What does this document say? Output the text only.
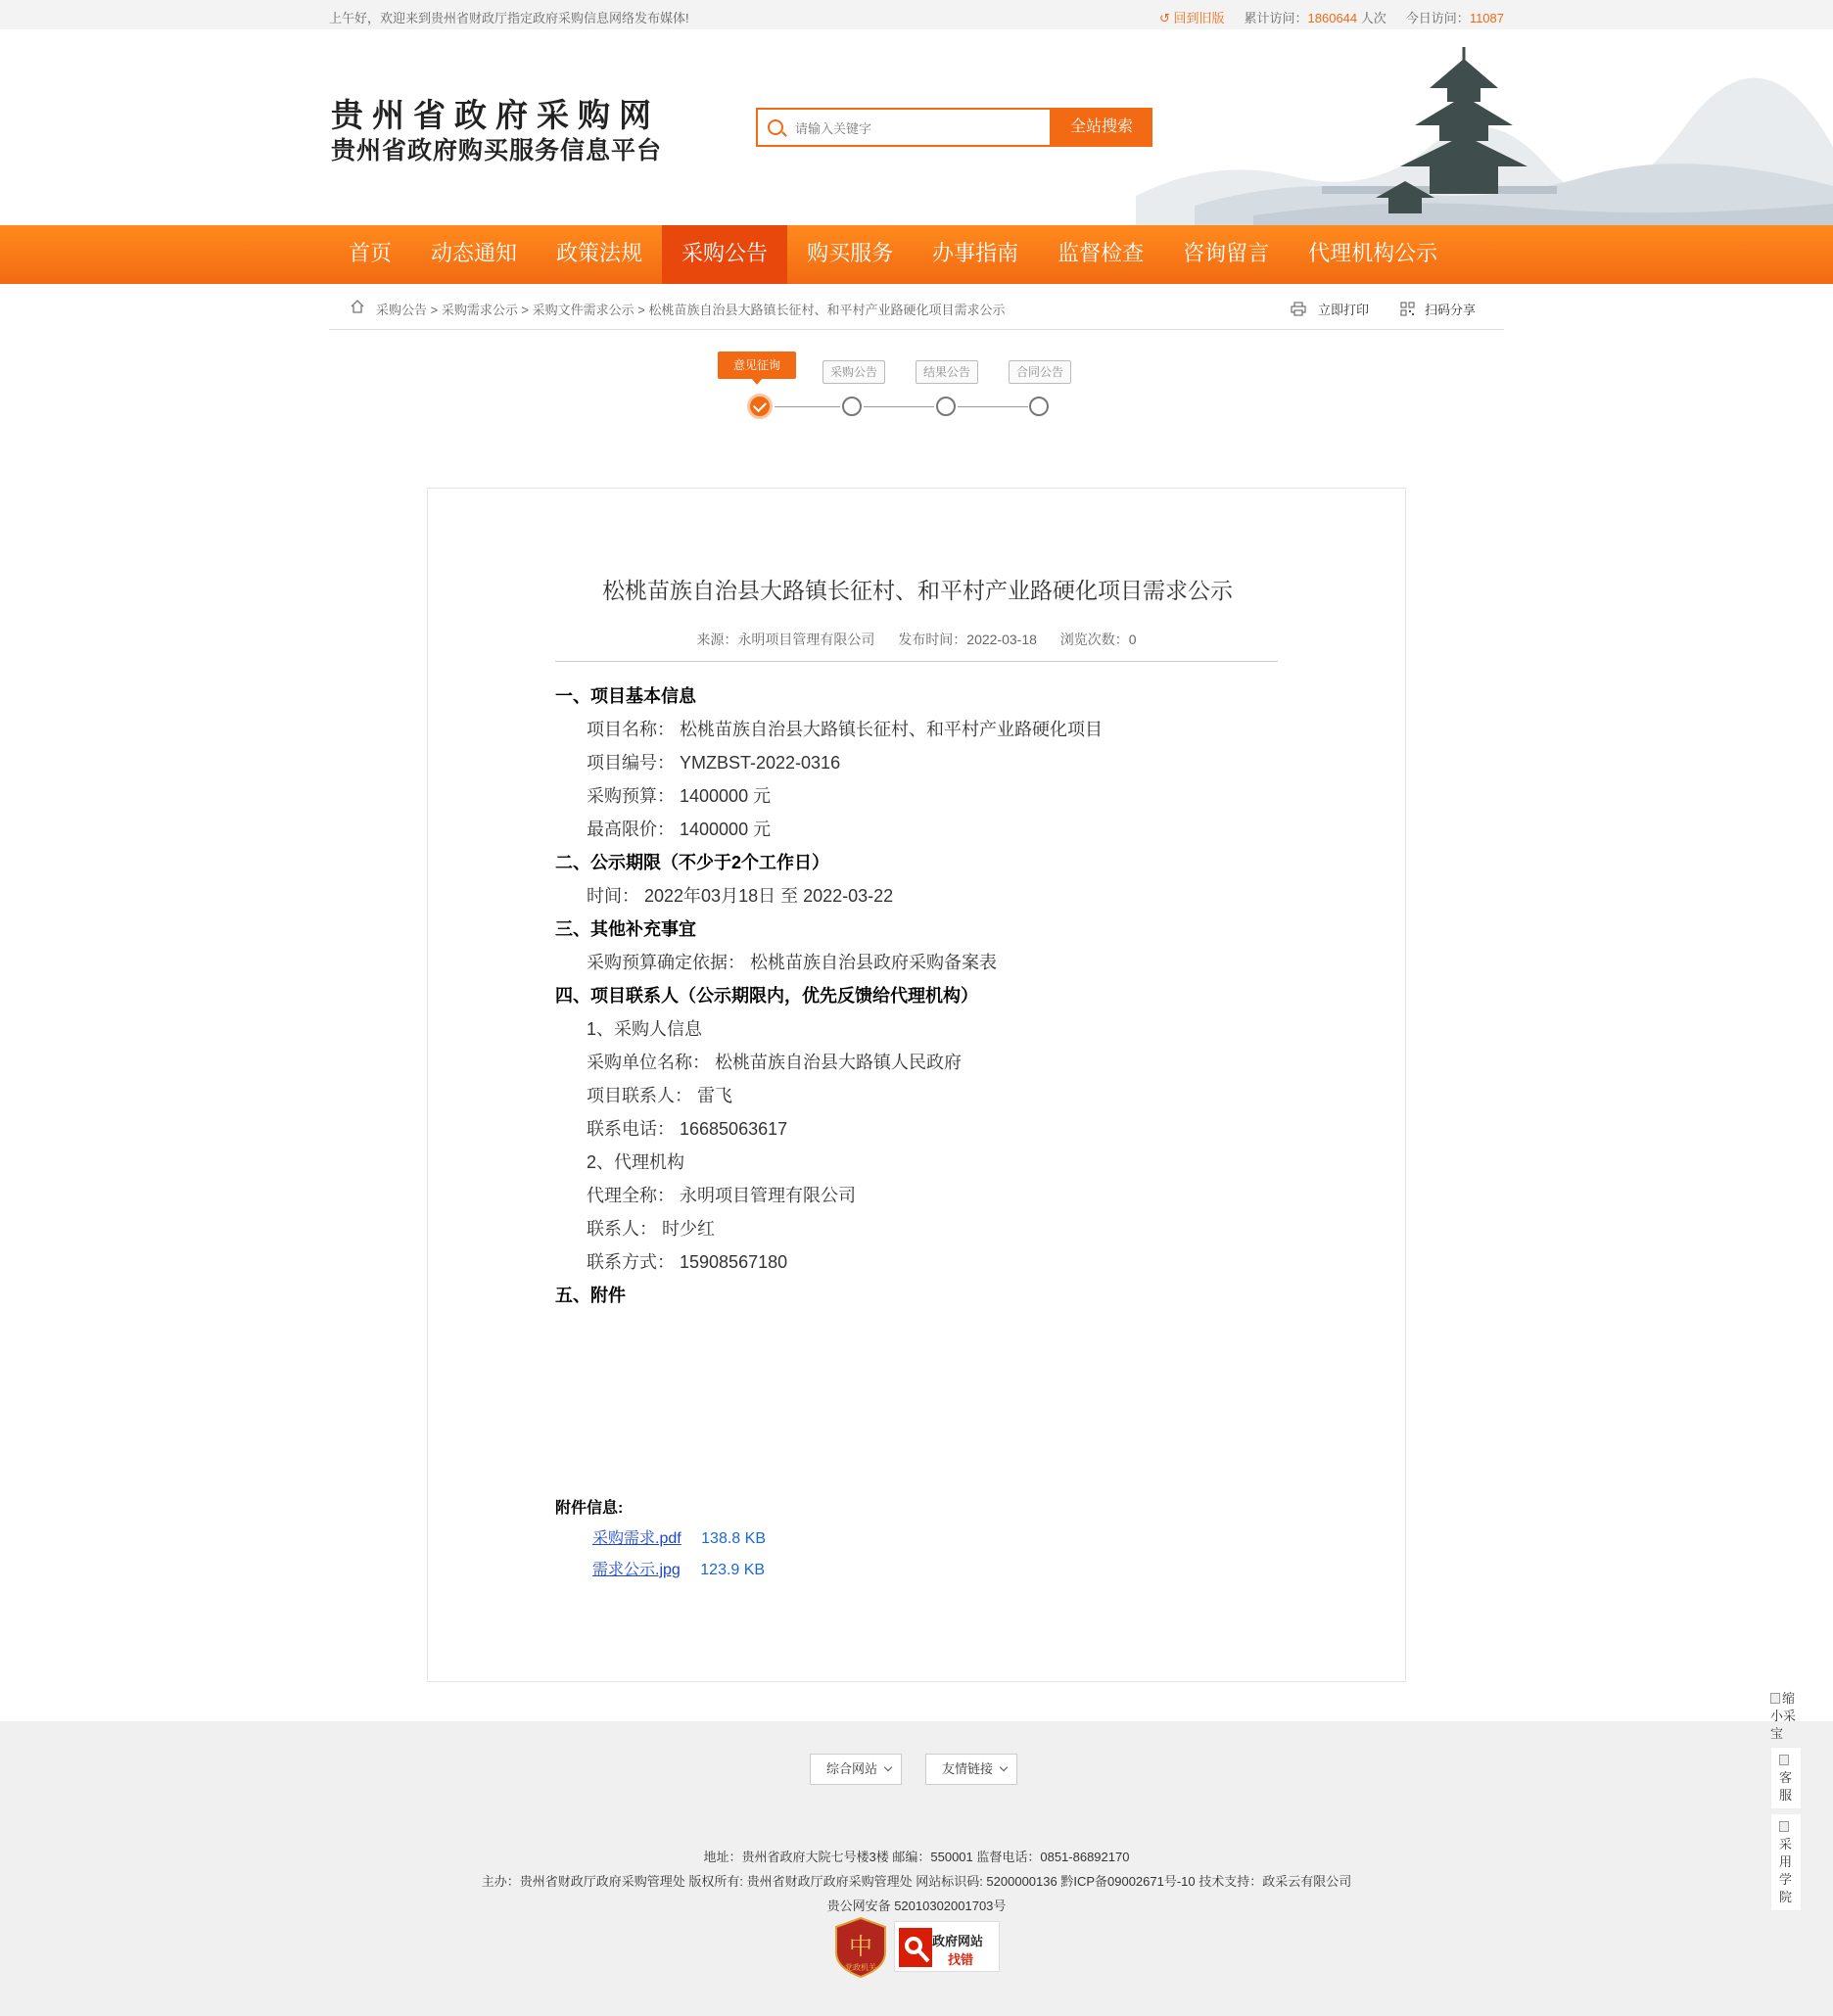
上午好，欢迎来到贵州省财政厅指定政府采购信息网络发布媒体!	↺ 回到旧版 累计访问：1860644 人次 今日访问：11087
贵州省政府采购网
贵州省政府购买服务信息平台
请输入关键字
全站搜索
首页	动态通知	政策法规	采购公告	购买服务	办事指南	监督检查	咨询留言	代理机构公示
采购公告 > 采购需求公示 > 采购文件需求公示 > 松桃苗族自治县大路镇长征村、和平村产业路硬化项目需求公示	立即打印	扫码分享
意见征询	采购公告	结果公告	合同公告
松桃苗族自治县大路镇长征村、和平村产业路硬化项目需求公示
来源：永明项目管理有限公司 发布时间：2022-03-18 浏览次数：0
一、项目基本信息
项目名称： 松桃苗族自治县大路镇长征村、和平村产业路硬化项目
项目编号： YMZBST-2022-0316
采购预算： 1400000 元
最高限价： 1400000 元
二、公示期限（不少于2个工作日）
时间： 2022年03月18日 至 2022-03-22
三、其他补充事宜
采购预算确定依据： 松桃苗族自治县政府采购备案表
四、项目联系人（公示期限内，优先反馈给代理机构）
1、采购人信息
采购单位名称： 松桃苗族自治县大路镇人民政府
项目联系人： 雷飞
联系电话： 16685063617
2、代理机构
代理全称： 永明项目管理有限公司
联系人： 时少红
联系方式： 15908567180
五、附件
附件信息:
采购需求.pdf 138.8 KB
需求公示.jpg 123.9 KB
综合网站	友情链接
地址：贵州省政府大院七号楼3楼 邮编：550001 监督电话：0851-86892170
主办：贵州省财政厅政府采购管理处 版权所有: 贵州省财政厅政府采购管理处 网站标识码: 5200000136 黔ICP备09002671号-10 技术支持：政采云有限公司
贵公网安备 52010302001703号
中
党政机关
政府网站
找错
缩小采宝
客服
采用学院
